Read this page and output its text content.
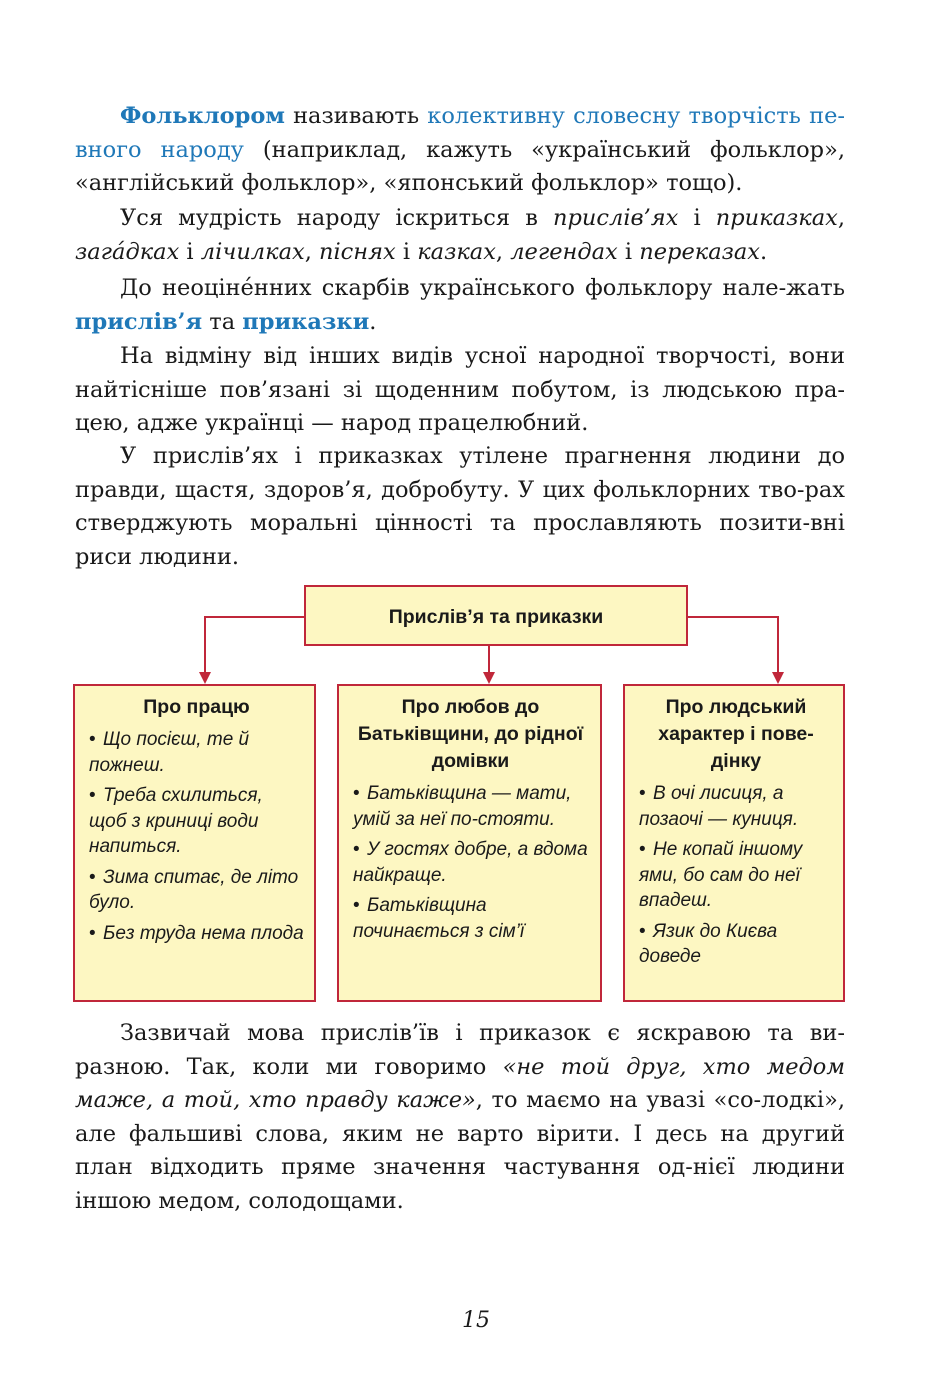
Фольклором називають колективну словесну творчість пе-вного народу (наприклад, кажуть «український фольклор», «англійський фольклор», «японський фольклор» тощо).

Уся мудрість народу іскриться в прислів’ях і приказках, зага́дках і лічилках, піснях і казках, легендах і переказах.

До неоціне́нних скарбів українського фольклору нале-жать прислів’я та приказки.

На відміну від інших видів усної народної творчості, вони найтісніше пов’язані зі щоденним побутом, із людською пра-цею, адже українці — народ працелюбний.

У прислів’ях і приказках утілене прагнення людини до правди, щастя, здоров’я, добробуту. У цих фольклорних тво-рах стверджують моральні цінності та прославляють позити-вні риси людини.

Прислів’я та приказки
Про працю
• Що посієш, те й пожнеш.
• Треба схилиться, щоб з криниці води напиться.
• Зима спитає, де літо було.
• Без труда нема плода
Про любов до Батьківщини, до рідної домівки
• Батьківщина — мати, умій за неї по-стояти.
• У гостях добре, а вдома найкраще.
• Батьківщина починається з сім’ї
Про людський характер і пове-дінку
• В очі лисиця, а позаочі — куниця.
• Не копай іншому ями, бо сам до неї впадеш.
• Язик до Києва доведе

Зазвичай мова прислів’їв і приказок є яскравою та ви-разною. Так, коли ми говоримо «не той друг, хто медом маже, а той, хто правду каже», то маємо на увазі «со-лодкі», але фальшиві слова, яким не варто вірити. І десь на другий план відходить пряме значення частування од-нієї людини іншою медом, солодощами.

15
